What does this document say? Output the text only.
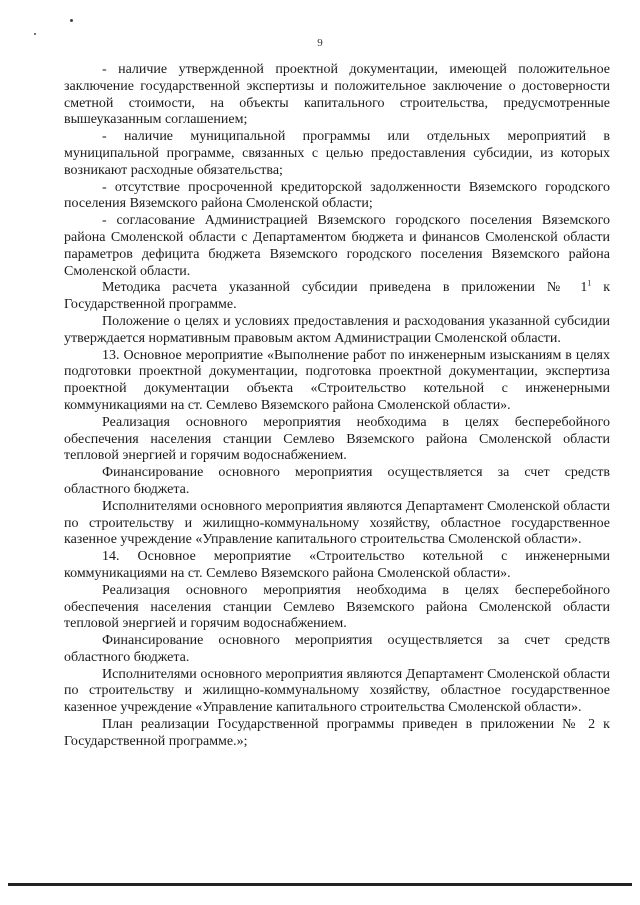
9

- наличие утвержденной проектной документации, имеющей положительное заключение государственной экспертизы и положительное заключение о достоверности сметной стоимости, на объекты капитального строительства, предусмотренные вышеуказанным соглашением;

- наличие муниципальной программы или отдельных мероприятий в муниципальной программе, связанных с целью предоставления субсидии, из которых возникают расходные обязательства;

- отсутствие просроченной кредиторской задолженности Вяземского городского поселения Вяземского района Смоленской области;

- согласование Администрацией Вяземского городского поселения Вяземского района Смоленской области с Департаментом бюджета и финансов Смоленской области параметров дефицита бюджета Вяземского городского поселения Вяземского района Смоленской области.

Методика расчета указанной субсидии приведена в приложении № $1^1$ к Государственной программе.

Положение о целях и условиях предоставления и расходования указанной субсидии утверждается нормативным правовым актом Администрации Смоленской области.

13. Основное мероприятие «Выполнение работ по инженерным изысканиям в целях подготовки проектной документации, подготовка проектной документации, экспертиза проектной документации объекта «Строительство котельной с инженерными коммуникациями на ст. Семлево Вяземского района Смоленской области».

Реализация основного мероприятия необходима в целях бесперебойного обеспечения населения станции Семлево Вяземского района Смоленской области тепловой энергией и горячим водоснабжением.

Финансирование основного мероприятия осуществляется за счет средств областного бюджета.

Исполнителями основного мероприятия являются Департамент Смоленской области по строительству и жилищно-коммунальному хозяйству, областное государственное казенное учреждение «Управление капитального строительства Смоленской области».

14. Основное мероприятие «Строительство котельной с инженерными коммуникациями на ст. Семлево Вяземского района Смоленской области».

Реализация основного мероприятия необходима в целях бесперебойного обеспечения населения станции Семлево Вяземского района Смоленской области тепловой энергией и горячим водоснабжением.

Финансирование основного мероприятия осуществляется за счет средств областного бюджета.

Исполнителями основного мероприятия являются Департамент Смоленской области по строительству и жилищно-коммунальному хозяйству, областное государственное казенное учреждение «Управление капитального строительства Смоленской области».

План реализации Государственной программы приведен в приложении № 2 к Государственной программе.»;
